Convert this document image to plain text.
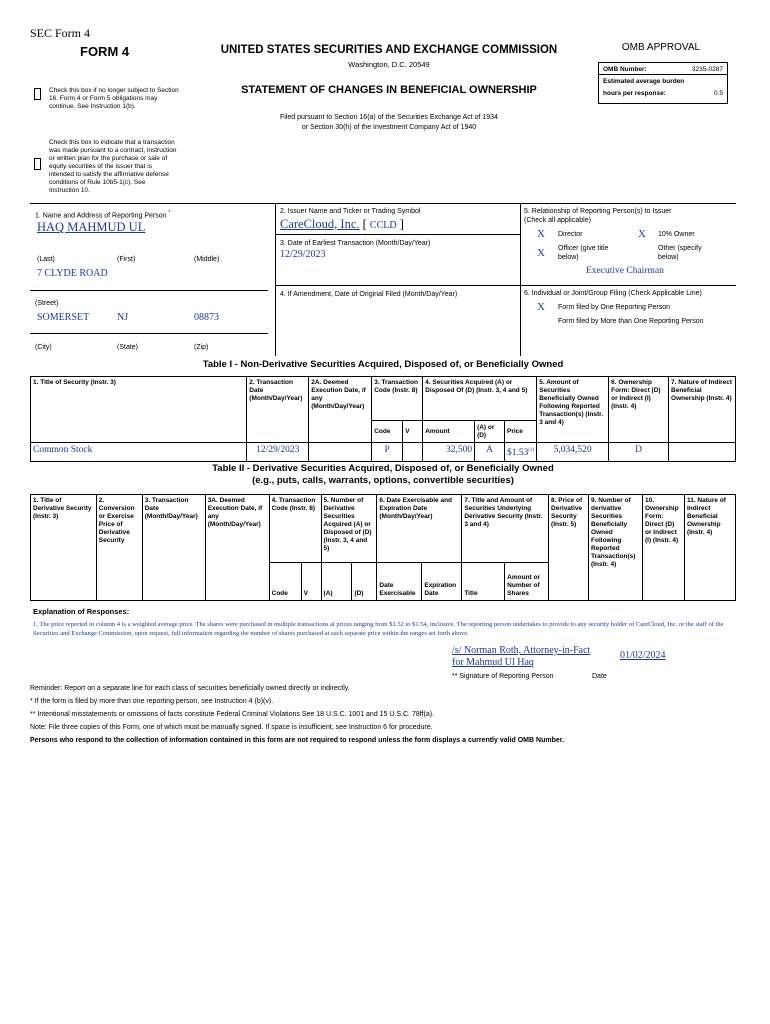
SEC Form 4
FORM 4	UNITED STATES SECURITIES AND EXCHANGE COMMISSION
Washington, D.C. 20549
STATEMENT OF CHANGES IN BENEFICIAL OWNERSHIP
Filed pursuant to Section 16(a) of the Securities Exchange Act of 1934
or Section 30(h) of the Investment Company Act of 1940
Check this box if no longer subject to Section 16. Form 4 or Form 5 obligations may continue. See Instruction 1(b).
Check this box to indicate that a transaction was made pursuant to a contract, instruction or written plan for the purchase or sale of equity securities of the issuer that is intended to satisfy the affirmative defense conditions of Rule 10b5-1(c). See Instruction 10.
OMB APPROVAL
OMB Number:	3235-0287
Estimated average burden
hours per response:	0.5
1. Name and Address of Reporting Person *
HAQ MAHMUD UL
(Last)	(First)	(Middle)
7 CLYDE ROAD
(Street)
SOMERSET	NJ	08873
(City)	(State)	(Zip)
2. Issuer Name and Ticker or Trading Symbol
CareCloud, Inc. [ CCLD ]
3. Date of Earliest Transaction (Month/Day/Year)
12/29/2023
4. If Amendment, Date of Original Filed (Month/Day/Year)
5. Relationship of Reporting Person(s) to Issuer
(Check all applicable)
X Director	X 10% Owner
X Officer (give title below)
Other (specify below)
Executive Chairman
6. Individual or Joint/Group Filing (Check Applicable Line)
X Form filed by One Reporting Person
Form filed by More than One Reporting Person
Table I - Non-Derivative Securities Acquired, Disposed of, or Beneficially Owned
1. Title of Security (Instr. 3)	2. Transaction Date (Month/Day/Year)	2A. Deemed Execution Date, if any (Month/Day/Year)	3. Transaction Code (Instr. 8)		4. Securities Acquired (A) or Disposed Of (D) (Instr. 3, 4 and 5)			5. Amount of Securities Beneficially Owned Following Reported Transaction(s) (Instr. 3 and 4)	6. Ownership Form: Direct (D) or Indirect (I) (Instr. 4)	7. Nature of Indirect Beneficial Ownership (Instr. 4)
			Code	V	Amount	(A) or (D)	Price			
Common Stock	12/29/2023		P		32,500	A	$1.53$^{(1)}$	5,034,520	D	
Table II - Derivative Securities Acquired, Disposed of, or Beneficially Owned
(e.g., puts, calls, warrants, options, convertible securities)
1. Title of Derivative Security (Instr. 3)	2. Conversion or Exercise Price of Derivative Security	3. Transaction Date (Month/Day/Year)	3A. Deemed Execution Date, if any (Month/Day/Year)	4. Transaction Code (Instr. 8)		5. Number of Derivative Securities Acquired (A) or Disposed of (D) (Instr. 3, 4 and 5)		6. Date Exercisable and Expiration Date (Month/Day/Year)		7. Title and Amount of Securities Underlying Derivative Security (Instr. 3 and 4)		8. Price of Derivative Security (Instr. 5)	9. Number of derivative Securities Beneficially Owned Following Reported Transaction(s) (Instr. 4)	10. Ownership Form: Direct (D) or Indirect (I) (Instr. 4)	11. Nature of Indirect Beneficial Ownership (Instr. 4)
				Code	V	(A)	(D)	Date Exercisable	Expiration Date	Title	Amount or Number of Shares				
Explanation of Responses:
1. The price reported in column 4 is a weighted average price. The shares were purchased in multiple transactions at prices ranging from $1.52 to $1.54, inclusive. The reporting person undertakes to provide to any security holder of CareCloud, Inc. or the staff of the Securities and Exchange Commission, upon request, full information regarding the number of shares purchased at each separate price within the ranges set forth above.
/s/ Norman Roth, Attorney-in-Fact
for Mahmud Ul Haq
01/02/2024
** Signature of Reporting Person	Date
Reminder: Report on a separate line for each class of securities beneficially owned directly or indirectly.
* If the form is filed by more than one reporting person, see Instruction 4 (b)(v).
** Intentional misstatements or omissions of facts constitute Federal Criminal Violations See 18 U.S.C. 1001 and 15 U.S.C. 78ff(a).
Note: File three copies of this Form, one of which must be manually signed. If space is insufficient, see Instruction 6 for procedure.
Persons who respond to the collection of information contained in this form are not required to respond unless the form displays a currently valid OMB Number.
